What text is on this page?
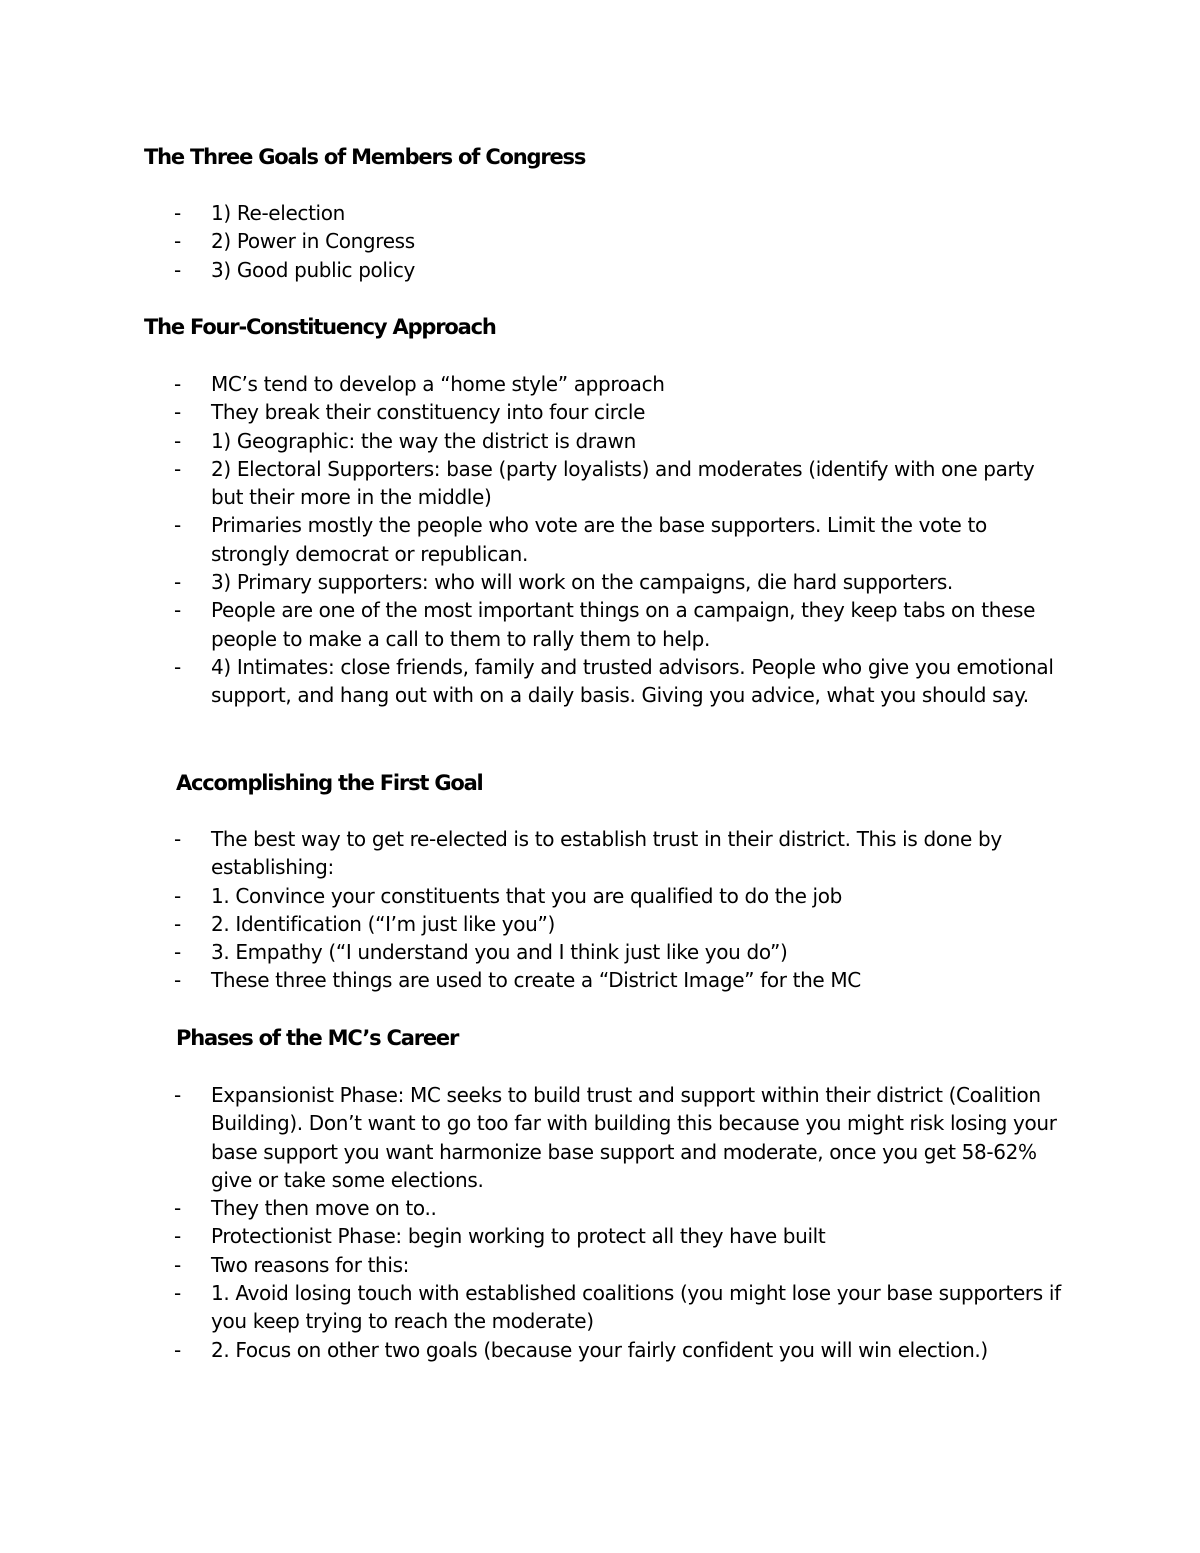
The Three Goals of Members of Congress
- 1) Re-election
- 2) Power in Congress
- 3) Good public policy
The Four-Constituency Approach
- MC’s tend to develop a “home style” approach
- They break their constituency into four circle
- 1) Geographic: the way the district is drawn
- 2) Electoral Supporters: base (party loyalists) and moderates (identify with one party but their more in the middle)
- Primaries mostly the people who vote are the base supporters. Limit the vote to strongly democrat or republican.
- 3) Primary supporters: who will work on the campaigns, die hard supporters.
- People are one of the most important things on a campaign, they keep tabs on these people to make a call to them to rally them to help.
- 4) Intimates: close friends, family and trusted advisors. People who give you emotional support, and hang out with on a daily basis. Giving you advice, what you should say.
Accomplishing the First Goal
- The best way to get re-elected is to establish trust in their district. This is done by establishing:
- 1. Convince your constituents that you are qualified to do the job
- 2. Identification (“I’m just like you”)
- 3. Empathy (“I understand you and I think just like you do”)
- These three things are used to create a “District Image” for the MC
Phases of the MC’s Career
- Expansionist Phase: MC seeks to build trust and support within their district (Coalition Building). Don’t want to go too far with building this because you might risk losing your base support you want harmonize base support and moderate, once you get 58-62% give or take some elections.
- They then move on to..
- Protectionist Phase: begin working to protect all they have built
- Two reasons for this:
- 1. Avoid losing touch with established coalitions (you might lose your base supporters if you keep trying to reach the moderate)
- 2. Focus on other two goals (because your fairly confident you will win election.)
